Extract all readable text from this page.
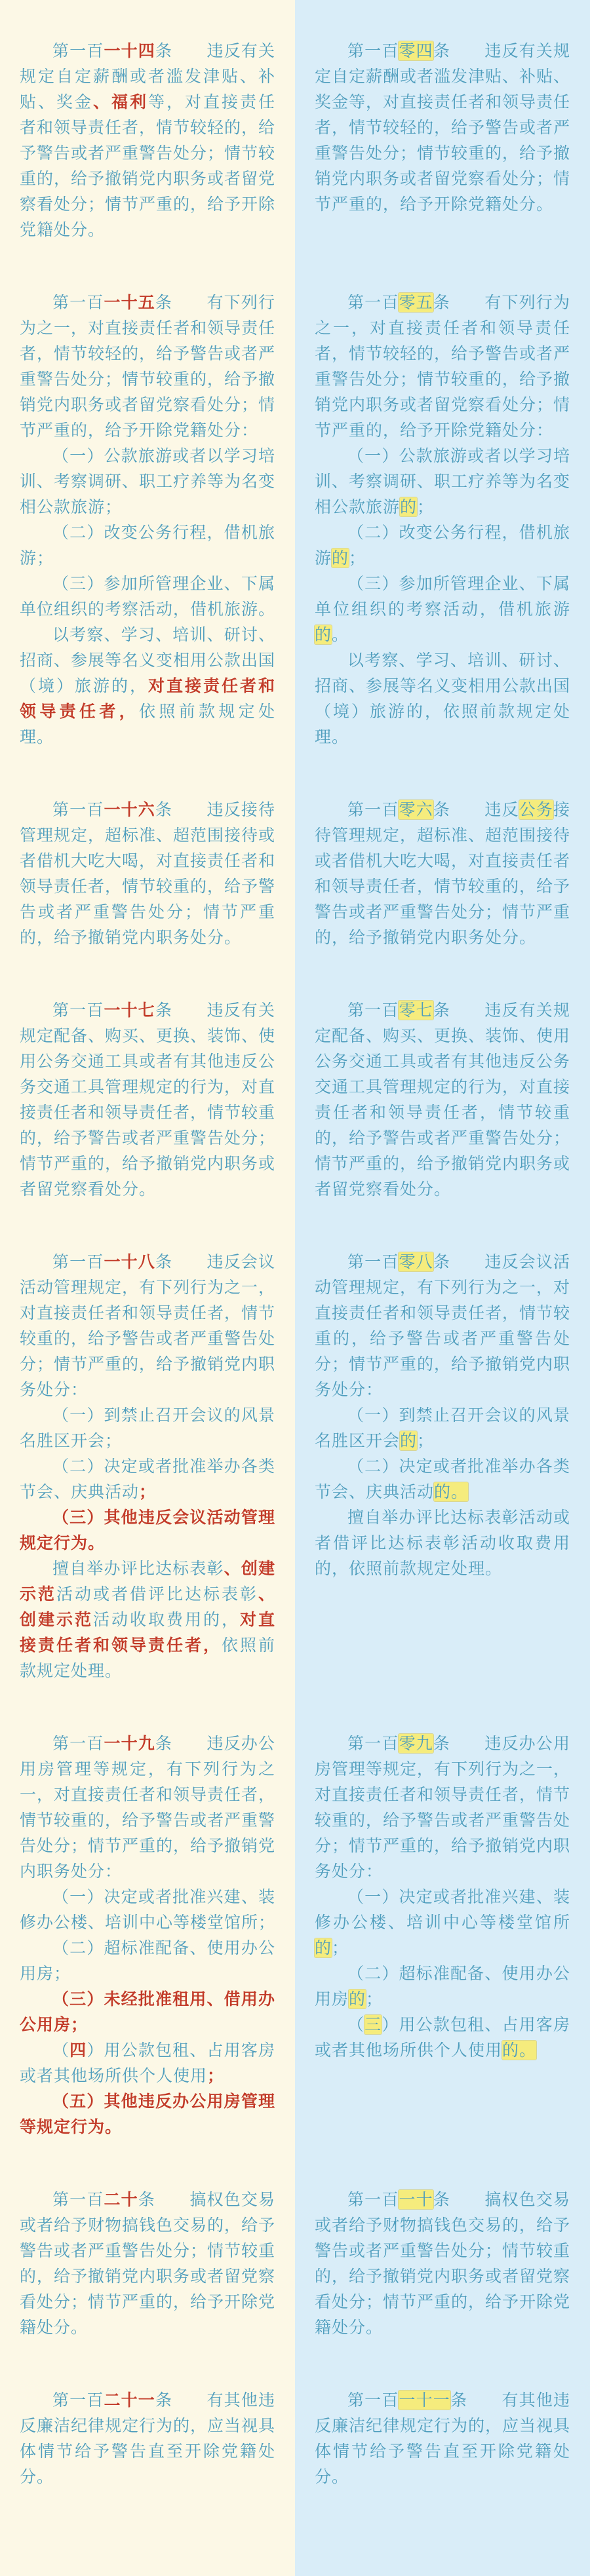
第一百一十四条　　 违反有关规定自定薪酬或者滥发津贴、补贴、奖金、福利等，对直接责任者和领导责任者，情节较轻的，给予警告或者严重警告处分；情节较重的，给予撤销党内职务或者留党察看处分；情节严重的，给予开除党籍处分。

第一百零四条　　 违反有关规定自定薪酬或者滥发津贴、补贴、奖金等，对直接责任者和领导责任者，情节较轻的，给予警告或者严重警告处分；情节较重的，给予撤销党内职务或者留党察看处分；情节严重的，给予开除党籍处分。

第一百一十五条　　 有下列行为之一，对直接责任者和领导责任者，情节较轻的，给予警告或者严重警告处分；情节较重的，给予撤销党内职务或者留党察看处分；情节严重的，给予开除党籍处分：

（一）公款旅游或者以学习培训、考察调研、职工疗养等为名变相公款旅游；

（二）改变公务行程，借机旅游；

（三）参加所管理企业、下属单位组织的考察活动，借机旅游。

以考察、学习、培训、研讨、招商、参展等名义变相用公款出国（境）旅游的，对直接责任者和领导责任者，依照前款规定处理。

第一百零五条　　 有下列行为之一，对直接责任者和领导责任者，情节较轻的，给予警告或者严重警告处分；情节较重的，给予撤销党内职务或者留党察看处分；情节严重的，给予开除党籍处分：

（一）公款旅游或者以学习培训、考察调研、职工疗养等为名变相公款旅游的；

（二）改变公务行程，借机旅游的；

（三）参加所管理企业、下属单位组织的考察活动，借机旅游的。

以考察、学习、培训、研讨、招商、参展等名义变相用公款出国（境）旅游的，依照前款规定处理。

第一百一十六条　　 违反接待管理规定，超标准、超范围接待或者借机大吃大喝，对直接责任者和领导责任者，情节较重的，给予警告或者严重警告处分；情节严重的，给予撤销党内职务处分。

第一百零六条　　 违反公务接待管理规定，超标准、超范围接待或者借机大吃大喝，对直接责任者和领导责任者，情节较重的，给予警告或者严重警告处分；情节严重的，给予撤销党内职务处分。

第一百一十七条　　 违反有关规定配备、购买、更换、装饰、使用公务交通工具或者有其他违反公务交通工具管理规定的行为，对直接责任者和领导责任者，情节较重的，给予警告或者严重警告处分；情节严重的，给予撤销党内职务或者留党察看处分。

第一百零七条　　 违反有关规定配备、购买、更换、装饰、使用公务交通工具或者有其他违反公务交通工具管理规定的行为，对直接责任者和领导责任者，情节较重的，给予警告或者严重警告处分；情节严重的，给予撤销党内职务或者留党察看处分。

第一百一十八条　　 违反会议活动管理规定，有下列行为之一，对直接责任者和领导责任者，情节较重的，给予警告或者严重警告处分；情节严重的，给予撤销党内职务处分：

（一）到禁止召开会议的风景名胜区开会；

（二）决定或者批准举办各类节会、庆典活动；

（三）其他违反会议活动管理规定行为。

擅自举办评比达标表彰、创建示范活动或者借评比达标表彰、创建示范活动收取费用的，对直接责任者和领导责任者，依照前款规定处理。

第一百零八条　　 违反会议活动管理规定，有下列行为之一，对直接责任者和领导责任者，情节较重的，给予警告或者严重警告处分；情节严重的，给予撤销党内职务处分：

（一）到禁止召开会议的风景名胜区开会的；

（二）决定或者批准举办各类节会、庆典活动的。

擅自举办评比达标表彰活动或者借评比达标表彰活动收取费用的，依照前款规定处理。

第一百一十九条　　 违反办公用房管理等规定，有下列行为之一，对直接责任者和领导责任者，情节较重的，给予警告或者严重警告处分；情节严重的，给予撤销党内职务处分：

（一）决定或者批准兴建、装修办公楼、培训中心等楼堂馆所；

（二）超标准配备、使用办公用房；

（三）未经批准租用、借用办公用房；

（四）用公款包租、占用客房或者其他场所供个人使用；

（五）其他违反办公用房管理等规定行为。

第一百零九条　　 违反办公用房管理等规定，有下列行为之一，对直接责任者和领导责任者，情节较重的，给予警告或者严重警告处分；情节严重的，给予撤销党内职务处分：

（一）决定或者批准兴建、装修办公楼、培训中心等楼堂馆所的；

（二）超标准配备、使用办公用房的；

（三）用公款包租、占用客房或者其他场所供个人使用的。

第一百二十条　　 搞权色交易或者给予财物搞钱色交易的，给予警告或者严重警告处分；情节较重的，给予撤销党内职务或者留党察看处分；情节严重的，给予开除党籍处分。

第一百一十条　　 搞权色交易或者给予财物搞钱色交易的，给予警告或者严重警告处分；情节较重的，给予撤销党内职务或者留党察看处分；情节严重的，给予开除党籍处分。

第一百二十一条　　 有其他违反廉洁纪律规定行为的，应当视具体情节给予警告直至开除党籍处分。

第一百一十一条　　 有其他违反廉洁纪律规定行为的，应当视具体情节给予警告直至开除党籍处分。
